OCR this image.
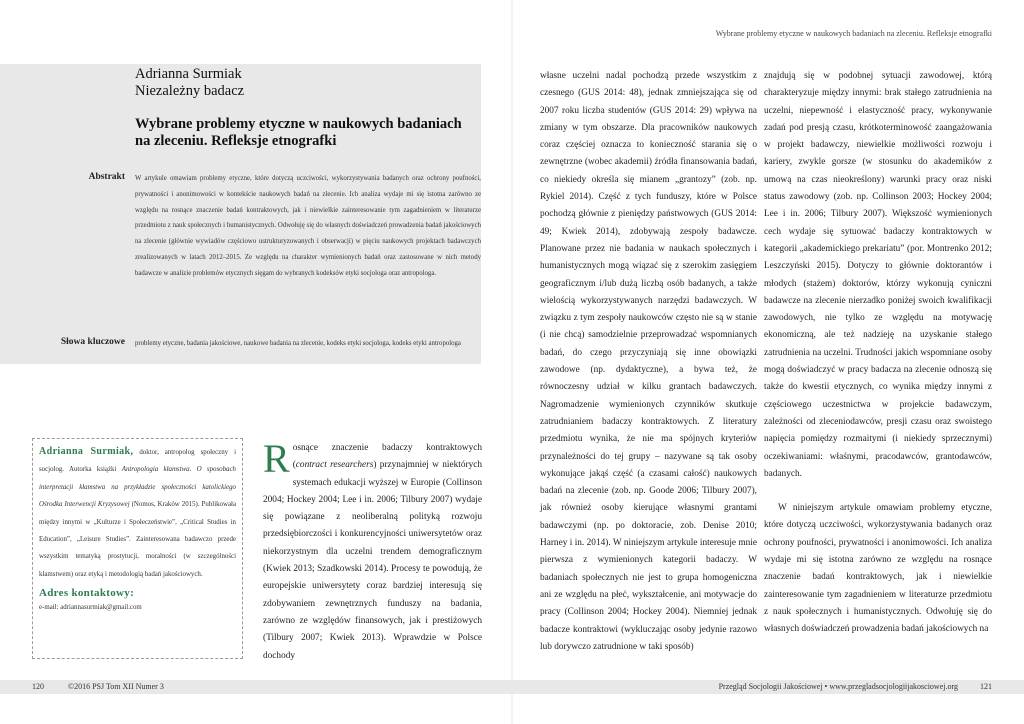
Adrianna Surmiak
Niezależny badacz
Wybrane problemy etyczne w naukowych badaniach na zleceniu. Refleksje etnografki
Abstrakt W artykule omawiam problemy etyczne, które dotyczą uczciwości, wykorzystywania badanych oraz ochrony poufności, prywatności i anonimowości w kontekście naukowych badań na zlecenie. Ich analiza wydaje mi się istotna zarówno ze względu na rosnące znaczenie badań kontraktowych, jak i niewielkie zainteresowanie tym zagadnieniem w literaturze przedmiotu z nauk społecznych i humanistycznych. Odwołuję się do własnych doświadczeń prowadzenia badań jakościowych na zlecenie (głównie wywiadów częściowo ustrukturyzowanych i obserwacji) w pięciu naukowych projektach badawczych zrealizowanych w latach 2012–2015. Ze względu na charakter wymienionych badań oraz zastosowane w nich metody badawcze w analizie problemów etycznych sięgam do wybranych kodeksów etyki socjologa oraz antropologa.
Słowa kluczowe problemy etyczne, badania jakościowe, naukowe badania na zlecenie, kodeks etyki socjologa, kodeks etyki antropologa
Adrianna Surmiak, doktor, antropolog społeczny i socjolog. Autorka książki Antropologia kłamstwa. O sposobach interpretacji kłamstwa na przykładzie społeczności katolickiego Ośrodka Interwencji Kryzysowej (Nomos, Kraków 2015). Publikowała między innymi w „Kulturze i Społeczeństwie”, „Critical Studies in Education”, „Leisure Studies”. Zainteresowana badawczo przede wszystkim tematyką prostytucji, moralności (w szczególności kłamstwem) oraz etyką i metodologią badań jakościowych.
Adres kontaktowy:
e-mail: adriannasurmiak@gmail.com

Rosnące znaczenie badaczy kontraktowych (contract researchers) przynajmniej w niektórych systemach edukacji wyższej w Europie (Collinson 2004; Hockey 2004; Lee i in. 2006; Tilbury 2007) wydaje się powiązane z neoliberalną polityką rozwoju przedsiębiorczości i konkurencyjności uniwersytetów oraz niekorzystnym dla uczelni trendem demograficznym (Kwiek 2013; Szadkowski 2014). Procesy te powodują, że europejskie uniwersytety coraz bardziej interesują się zdobywaniem zewnętrznych funduszy na badania, zarówno ze względów finansowych, jak i prestiżowych (Tilbury 2007; Kwiek 2013). Wprawdzie w Polsce dochody

120	©2016 PSJ Tom XII Numer 3
Wybrane problemy etyczne w naukowych badaniach na zleceniu. Refleksje etnografki

własne uczelni nadal pochodzą przede wszystkim z czesnego (GUS 2014: 48), jednak zmniejszająca się od 2007 roku liczba studentów (GUS 2014: 29) wpływa na zmiany w tym obszarze. Dla pracowników naukowych coraz częściej oznacza to konieczność starania się o zewnętrzne (wobec akademii) źródła finansowania badań, co niekiedy określa się mianem „grantozy” (zob. np. Rykiel 2014). Część z tych funduszy, które w Polsce pochodzą głównie z pieniędzy państwowych (GUS 2014: 49; Kwiek 2014), zdobywają zespoły badawcze. Planowane przez nie badania w naukach społecznych i humanistycznych mogą wiązać się z szerokim zasięgiem geograficznym i/lub dużą liczbą osób badanych, a także wielością wykorzystywanych narzędzi badawczych. W związku z tym zespoły naukowców często nie są w stanie (i nie chcą) samodzielnie przeprowadzać wspomnianych badań, do czego przyczyniają się inne obowiązki zawodowe (np. dydaktyczne), a bywa też, że równoczesny udział w kilku grantach badawczych. Nagromadzenie wymienionych czynników skutkuje zatrudnianiem badaczy kontraktowych. Z literatury przedmiotu wynika, że nie ma spójnych kryteriów przynależności do tej grupy – nazywane są tak osoby wykonujące jakąś część (a czasami całość) naukowych badań na zlecenie (zob. np. Goode 2006; Tilbury 2007), jak również osoby kierujące własnymi grantami badawczymi (np. po doktoracie, zob. Denise 2010; Harney i in. 2014). W niniejszym artykule interesuje mnie pierwsza z wymienionych kategorii badaczy. W badaniach społecznych nie jest to grupa homogeniczna ani ze względu na płeć, wykształcenie, ani motywacje do pracy (Collinson 2004; Hockey 2004). Niemniej jednak badacze kontraktowi (wykluczając osoby jedynie razowo lub dorywczo zatrudnione w taki sposób)

znajdują się w podobnej sytuacji zawodowej, którą charakteryzuje między innymi: brak stałego zatrudnienia na uczelni, niepewność i elastyczność pracy, wykonywanie zadań pod presją czasu, krótkoterminowość zaangażowania w projekt badawczy, niewielkie możliwości rozwoju i kariery, zwykle gorsze (w stosunku do akademików z umową na czas nieokreślony) warunki pracy oraz niski status zawodowy (zob. np. Collinson 2003; Hockey 2004; Lee i in. 2006; Tilbury 2007). Większość wymienionych cech wydaje się sytuować badaczy kontraktowych w kategorii „akademickiego prekariatu” (por. Montrenko 2012; Leszczyński 2015). Dotyczy to głównie doktorantów i młodych (stażem) doktorów, którzy wykonują cyniczni badawcze na zlecenie nierzadko poniżej swoich kwalifikacji zawodowych, nie tylko ze względu na motywację ekonomiczną, ale też nadzieję na uzyskanie stałego zatrudnienia na uczelni. Trudności jakich wspomniane osoby mogą doświadczyć w pracy badacza na zlecenie odnoszą się także do kwestii etycznych, co wynika między innymi z częściowego uczestnictwa w projekcie badawczym, zależności od zleceniodawców, presji czasu oraz swoistego napięcia pomiędzy rozmaitymi (i niekiedy sprzecznymi) oczekiwaniami: właśnymi, pracodawców, grantodawców, badanych.

W niniejszym artykule omawiam problemy etyczne, które dotyczą uczciwości, wykorzystywania badanych oraz ochrony poufności, prywatności i anonimowości. Ich analiza wydaje mi się istotna zarówno ze względu na rosnące znaczenie badań kontraktowych, jak i niewielkie zainteresowanie tym zagadnieniem w literaturze przedmiotu z nauk społecznych i humanistycznych. Odwołuję się do własnych doświadczeń prowadzenia badań jakościowych na

Przegląd Socjologii Jakościowej • www.przegladsocjologiijakosciowej.org	121
